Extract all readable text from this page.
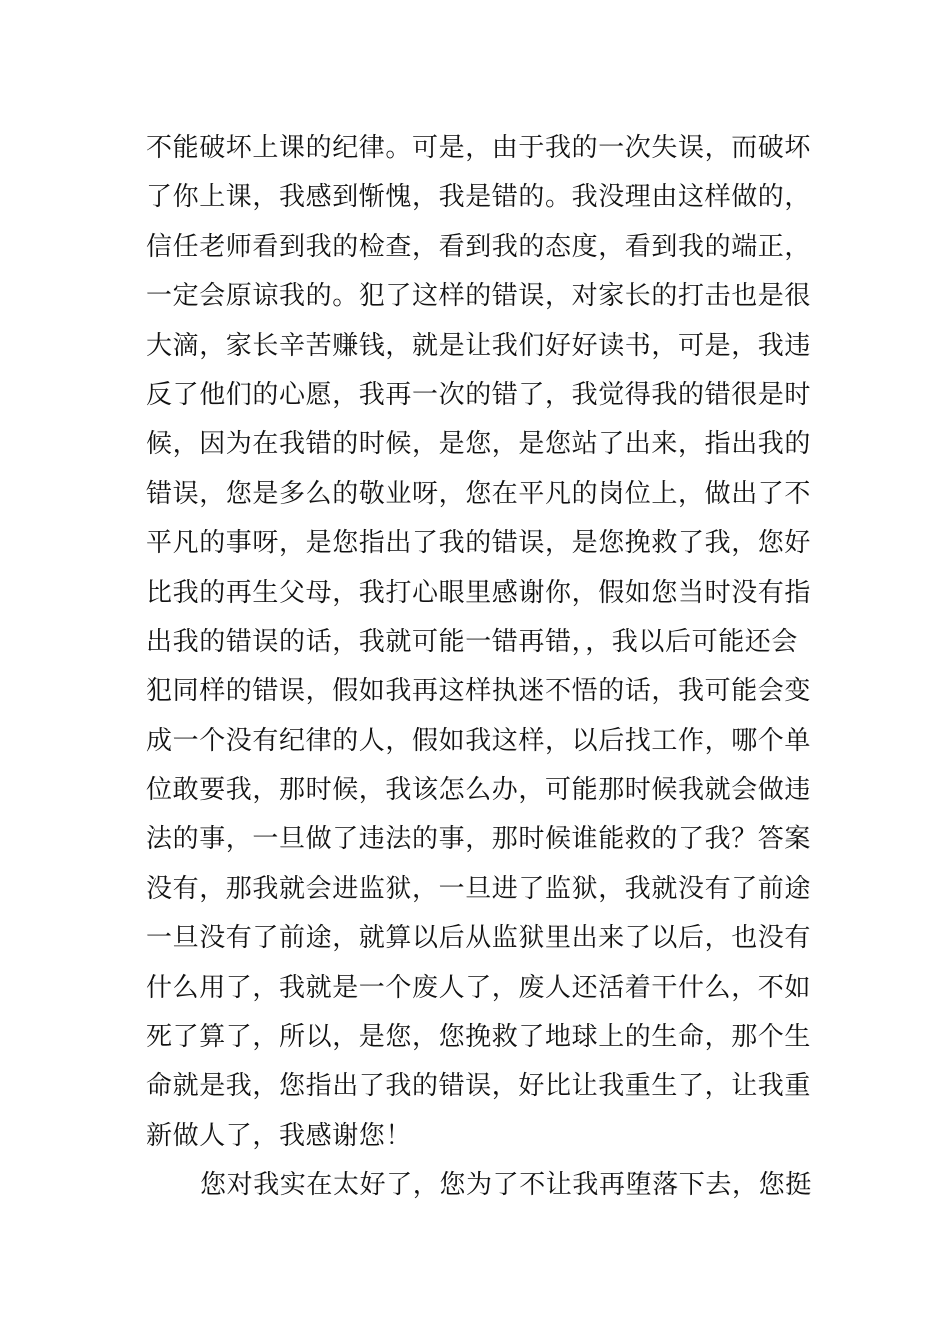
不能破坏上课的纪律。可是，由于我的一次失误，而破坏
了你上课，我感到惭愧，我是错的。我没理由这样做的，
信任老师看到我的检查，看到我的态度，看到我的端正，
一定会原谅我的。犯了这样的错误，对家长的打击也是很
大滴，家长辛苦赚钱，就是让我们好好读书，可是，我违
反了他们的心愿，我再一次的错了，我觉得我的错很是时
候，因为在我错的时候，是您，是您站了出来，指出我的
错误，您是多么的敬业呀，您在平凡的岗位上，做出了不
平凡的事呀，是您指出了我的错误，是您挽救了我，您好
比我的再生父母，我打心眼里感谢你，假如您当时没有指
出我的错误的话，我就可能一错再错，，我以后可能还会
犯同样的错误，假如我再这样执迷不悟的话，我可能会变
成一个没有纪律的人，假如我这样，以后找工作，哪个单
位敢要我，那时候，我该怎么办，可能那时候我就会做违
法的事，一旦做了违法的事，那时候谁能救的了我？答案
没有，那我就会进监狱，一旦进了监狱，我就没有了前途
一旦没有了前途，就算以后从监狱里出来了以后，也没有
什么用了，我就是一个废人了，废人还活着干什么，不如
死了算了，所以，是您，您挽救了地球上的生命，那个生
命就是我，您指出了我的错误，好比让我重生了，让我重
新做人了，我感谢您！
您对我实在太好了，您为了不让我再堕落下去，您挺
